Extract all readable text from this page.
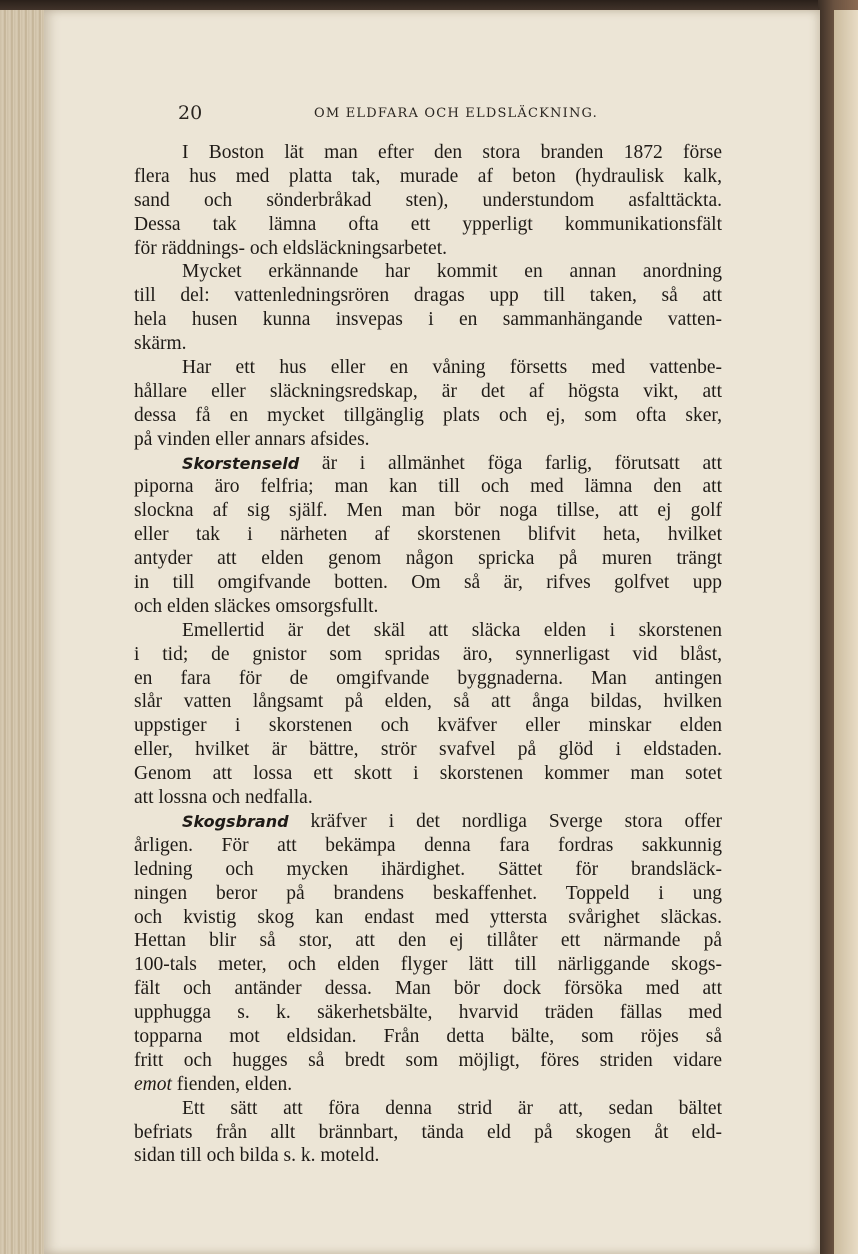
20	OM ELDFARA OCH ELDSLÄCKNING.
I Boston lät man efter den stora branden 1872 förse
flera hus med platta tak, murade af beton (hydraulisk kalk,
sand och sönderbråkad sten), understundom asfalttäckta.
Dessa tak lämna ofta ett ypperligt kommunikationsfält
för räddnings- och eldsläckningsarbetet.
Mycket erkännande har kommit en annan anordning
till del: vattenledningsrören dragas upp till taken, så att
hela husen kunna insvepas i en sammanhängande vatten-
skärm.
Har ett hus eller en våning försetts med vattenbe-
hållare eller släckningsredskap, är det af högsta vikt, att
dessa få en mycket tillgänglig plats och ej, som ofta sker,
på vinden eller annars afsides.
Skorstenseld är i allmänhet föga farlig, förutsatt att
piporna äro felfria; man kan till och med lämna den att
slockna af sig själf. Men man bör noga tillse, att ej golf
eller tak i närheten af skorstenen blifvit heta, hvilket
antyder att elden genom någon spricka på muren trängt
in till omgifvande botten. Om så är, rifves golfvet upp
och elden släckes omsorgsfullt.
Emellertid är det skäl att släcka elden i skorstenen
i tid; de gnistor som spridas äro, synnerligast vid blåst,
en fara för de omgifvande byggnaderna. Man antingen
slår vatten långsamt på elden, så att ånga bildas, hvilken
uppstiger i skorstenen och kväfver eller minskar elden
eller, hvilket är bättre, strör svafvel på glöd i eldstaden.
Genom att lossa ett skott i skorstenen kommer man sotet
att lossna och nedfalla.
Skogsbrand kräfver i det nordliga Sverge stora offer
årligen. För att bekämpa denna fara fordras sakkunnig
ledning och mycken ihärdighet. Sättet för brandsläck-
ningen beror på brandens beskaffenhet. Toppeld i ung
och kvistig skog kan endast med yttersta svårighet släckas.
Hettan blir så stor, att den ej tillåter ett närmande på
100-tals meter, och elden flyger lätt till närliggande skogs-
fält och antänder dessa. Man bör dock försöka med att
upphugga s. k. säkerhetsbälte, hvarvid träden fällas med
topparna mot eldsidan. Från detta bälte, som röjes så
fritt och hugges så bredt som möjligt, föres striden vidare
emot fienden, elden.
Ett sätt att föra denna strid är att, sedan bältet
befriats från allt brännbart, tända eld på skogen åt eld-
sidan till och bilda s. k. moteld.
